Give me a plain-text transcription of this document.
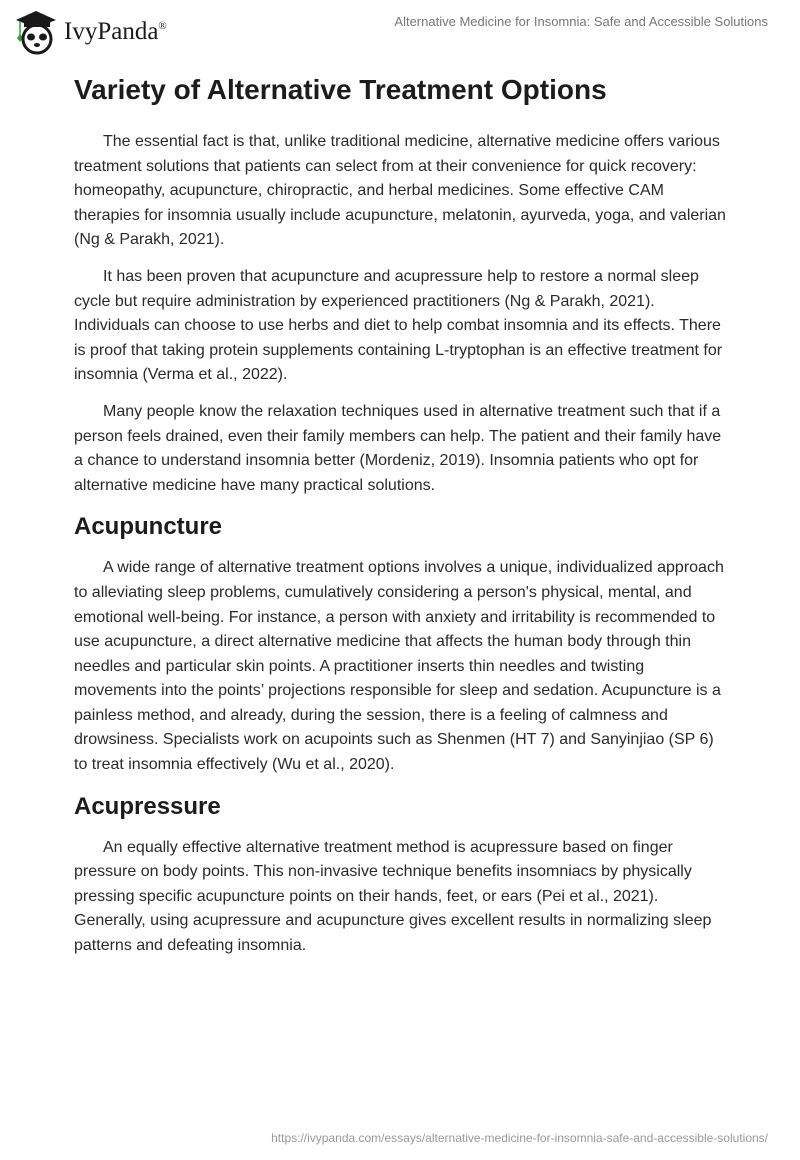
IvyPanda®	Alternative Medicine for Insomnia: Safe and Accessible Solutions
Variety of Alternative Treatment Options

The essential fact is that, unlike traditional medicine, alternative medicine offers various treatment solutions that patients can select from at their convenience for quick recovery: homeopathy, acupuncture, chiropractic, and herbal medicines. Some effective CAM therapies for insomnia usually include acupuncture, melatonin, ayurveda, yoga, and valerian (Ng & Parakh, 2021).

It has been proven that acupuncture and acupressure help to restore a normal sleep cycle but require administration by experienced practitioners (Ng & Parakh, 2021). Individuals can choose to use herbs and diet to help combat insomnia and its effects. There is proof that taking protein supplements containing L-tryptophan is an effective treatment for insomnia (Verma et al., 2022).

Many people know the relaxation techniques used in alternative treatment such that if a person feels drained, even their family members can help. The patient and their family have a chance to understand insomnia better (Mordeniz, 2019). Insomnia patients who opt for alternative medicine have many practical solutions.

Acupuncture

A wide range of alternative treatment options involves a unique, individualized approach to alleviating sleep problems, cumulatively considering a person's physical, mental, and emotional well-being. For instance, a person with anxiety and irritability is recommended to use acupuncture, a direct alternative medicine that affects the human body through thin needles and particular skin points. A practitioner inserts thin needles and twisting movements into the points’ projections responsible for sleep and sedation. Acupuncture is a painless method, and already, during the session, there is a feeling of calmness and drowsiness. Specialists work on acupoints such as Shenmen (HT 7) and Sanyinjiao (SP 6) to treat insomnia effectively (Wu et al., 2020).

Acupressure

An equally effective alternative treatment method is acupressure based on finger pressure on body points. This non-invasive technique benefits insomniacs by physically pressing specific acupuncture points on their hands, feet, or ears (Pei et al., 2021). Generally, using acupressure and acupuncture gives excellent results in normalizing sleep patterns and defeating insomnia.

https://ivypanda.com/essays/alternative-medicine-for-insomnia-safe-and-accessible-solutions/
